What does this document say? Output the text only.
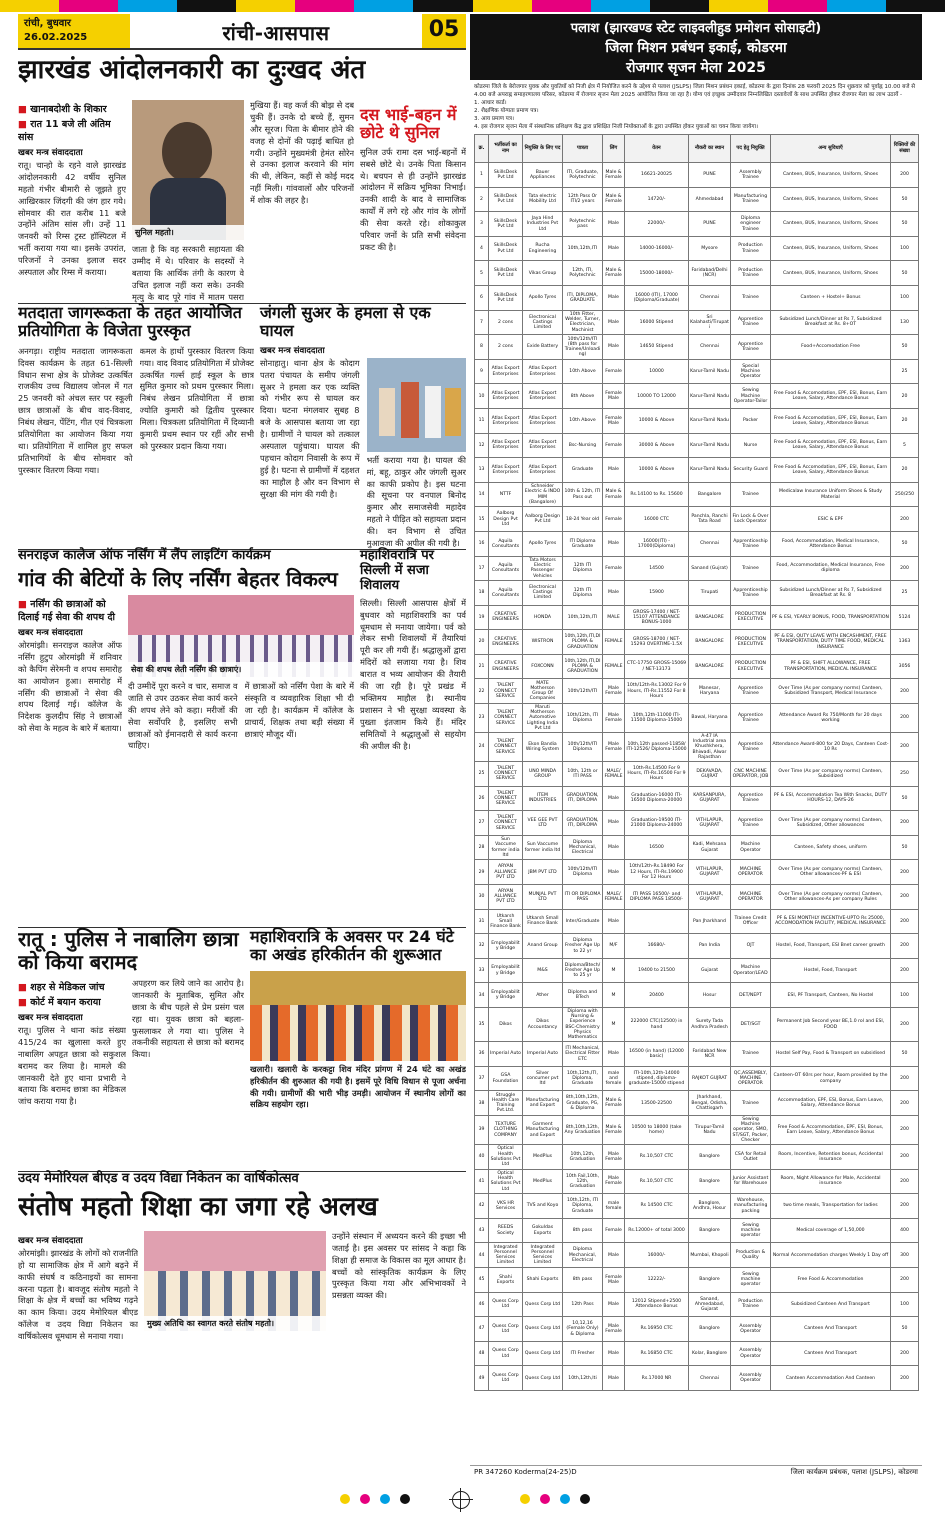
रांची, बुधवार
26.02.2025	रांची-आसपास	05
झारखंड आंदोलनकारी का दुःखद अंत
■ खानाबदोशी के शिकार
■ रात 11 बजे ली अंतिम सांस
खबर मन्त्र संवाददाता
रातू। चान्हो के रहने वाले झारखंड आंदोलनकारी 42 वर्षीय सुनिल महतो गंभीर बीमारी से जूझते हुए आखिरकार जिंदगी की जंग हार गये। सोमवार की रात करीब 11 बजे उन्होंने अंतिम सांस ली। उन्हें 11 जनवरी को रिम्स ट्रस्ट हॉस्पिटल में भर्ती कराया गया था। इसके उपरांत, परिजनों ने उनका इलाज सदर अस्पताल और रिम्स में कराया।
सुनिल महतो।
जाता है कि वह सरकारी सहायता की उम्मीद में थे। परिवार के सदस्यों ने बताया कि आर्थिक तंगी के कारण वे उचित इलाज नहीं करा सके। उनकी मृत्यु के बाद पूरे गांव में मातम पसरा
मुखिया हैं। वह कर्ज की बोझ से दब चुकी हैं। उनके दो बच्चे हैं, सुमन और सूरज। पिता के बीमार होने की वजह से दोनों की पढ़ाई बाधित हो गयी। उन्होंने मुख्यमंत्री हेमंत सोरेन से उनका इलाज करवाने की मांग की थी, लेकिन, कहीं से कोई मदद नहीं मिली। गांववालों और परिजनों में शोक की लहर है।
दस भाई-बहन में छोटे थे सुनिल
सुनिल उर्फ रामा दस भाई-बहनों में सबसे छोटे थे। उनके पिता किसान थे। बचपन से ही उन्होंने झारखंड आंदोलन में सक्रिय भूमिका निभाई। उनकी शादी के बाद वे सामाजिक कार्यों में लगे रहे और गांव के लोगों की सेवा करते रहे। शोकाकुल परिवार जनों के प्रति सभी संवेदना प्रकट की है।
मतदाता जागरूकता के तहत आयोजित प्रतियोगिता के विजेता पुरस्कृत
अनगड़ा। राष्ट्रीय मतदाता जागरूकता दिवस कार्यक्रम के तहत 61-सिल्ली विधान सभा क्षेत्र के प्रोजेक्ट उत्कर्षित राजकीय उच्च विद्यालय जोनल में गत 25 जनवरी को अंचल स्तर पर स्कूली छात्र छात्राओं के बीच वाद-विवाद, निबंध लेखन, पेंटिंग, गीत एवं चित्रकला प्रतियोगिता का आयोजन किया गया था। प्रतियोगिता में शामिल हुए सफल प्रतिभागियों के बीच सोमवार को पुरस्कार वितरण किया गया।
कमल के हाथों पुरस्कार वितरण किया गया। वाद विवाद प्रतियोगिता में प्रोजेक्ट उत्कर्षित गर्ल्स हाई स्कूल के छात्र सुमित कुमार को प्रथम पुरस्कार मिला। निबंध लेखन प्रतियोगिता में छात्रा ज्योति कुमारी को द्वितीय पुरस्कार मिला। चित्रकला प्रतियोगिता में दिव्यानी कुमारी प्रथम स्थान पर रहीं और सभी को पुरस्कार प्रदान किया गया।
जंगली सुअर के हमला से एक घायल
खबर मन्त्र संवाददाता
सोनाहातु। थाना क्षेत्र के कोदाग पतरा पंचायत के समीप जंगली सुअर ने हमला कर एक व्यक्ति को गंभीर रूप से घायल कर दिया। घटना मंगलवार सुबह 8 बजे के आसपास बताया जा रहा है। ग्रामीणों ने घायल को तत्काल अस्पताल पहुंचाया। घायल की पहचान कोदाग निवासी के रूप में हुई है। घटना से ग्रामीणों में दहशत का माहौल है और वन विभाग से सुरक्षा की मांग की गयी है।
भर्ती कराया गया है। घायल की मां, बहू, ठाकुर और जंगली सुअर का काफी प्रकोप है। इस घटना की सूचना पर वनपाल बिनोद कुमार और समाजसेवी महादेव महतो ने पीड़ित को सहायता प्रदान की। वन विभाग से उचित मुआवजा की अपील की गयी है।
सनराइज कालेज ऑफ नर्सिंग में लैंप लाइटिंग कार्यक्रम
गांव की बेटियों के लिए नर्सिंग बेहतर विकल्प
■ नर्सिंग की छात्राओं को दिलाई गई सेवा की शपथ दी
खबर मन्त्र संवाददाता
ओरमांझी। सनराइज कालेज ऑफ नर्सिंग हुटुप ओरमांझी में शनिवार को कैपिंग सेरेमनी व शपथ समारोह का आयोजन हुआ। समारोह में नर्सिंग की छात्राओं ने सेवा की शपथ दिलाई गई। कॉलेज के निदेशक कुलदीप सिंह ने छात्राओं को सेवा के महत्व के बारे में बताया।
सेवा की शपथ लेती नर्सिंग की छात्राएं।
दी उम्मीदें पूरा करने व चार, समाज व जाति से उपर उठकर सेवा कार्य करने की शपथ लेने को कहा। मरीजों की सेवा सर्वोपरि है, इसलिए सभी छात्राओं को ईमानदारी से कार्य करना चाहिए।
में छात्राओं को नर्सिंग पेशा के बारे में संस्कृति व व्यवहारिक शिक्षा भी दी जा रही है। कार्यक्रम में कॉलेज के प्राचार्य, शिक्षक तथा बड़ी संख्या में छात्राएं मौजूद थीं।
महाशिवरात्रि पर सिल्ली में सजा शिवालय
सिल्ली। सिल्ली आसपास क्षेत्रों में बुधवार को महाशिवरात्रि का पर्व धूमधाम से मनाया जायेगा। पर्व को लेकर सभी शिवालयों में तैयारियां पूरी कर ली गयी हैं। श्रद्धालुओं द्वारा मंदिरों को सजाया गया है। शिव बारात व भव्य आयोजन की तैयारी की जा रही है। पूरे प्रखंड में भक्तिमय माहौल है। स्थानीय प्रशासन ने भी सुरक्षा व्यवस्था के पुख्ता इंतजाम किये हैं। मंदिर समितियों ने श्रद्धालुओं से सहयोग की अपील की है।
रातू : पुलिस ने नाबालिग छात्रा को किया बरामद
■ शहर से मेडिकल जांच
■ कोर्ट में बयान कराया
खबर मन्त्र संवाददाता
रातू। पुलिस ने थाना कांड संख्या 415/24 का खुलासा करते हुए नाबालिग अपहृत छात्रा को सकुशल बरामद कर लिया है। मामले की जानकारी देते हुए थाना प्रभारी ने बताया कि बरामद छात्रा का मेडिकल जांच कराया गया है।
अपहरण कर लिये जाने का आरोप है। जानकारी के मुताबिक, सुमित और छात्रा के बीच पहले से प्रेम प्रसंग चल रहा था। युवक छात्रा को बहला-फुसलाकर ले गया था। पुलिस ने तकनीकी सहायता से छात्रा को बरामद किया।
महाशिवरात्रि के अवसर पर 24 घंटे का अखंड हरिकीर्तन की शुरूआत
खलारी। खलारी के करकट्टा शिव मंदिर प्रांगण में 24 घंटे का अखंड हरिकीर्तन की शुरुआत की गयी है। इसमें पूरे विधि विधान से पूजा अर्चना की गयी। ग्रामीणों की भारी भीड़ उमड़ी। आयोजन में स्थानीय लोगों का सक्रिय सहयोग रहा।
उदय मेमोरियल बीएड व उदय विद्या निकेतन का वार्षिकोत्सव
संतोष महतो शिक्षा का जगा रहे अलख
खबर मन्त्र संवाददाता
ओरमांझी। झारखंड के लोगों को राजनीति हो या सामाजिक क्षेत्र में आगे बढ़ने में काफी संघर्ष व कठिनाइयों का सामना करना पड़ता है। बावजूद संतोष महतो ने शिक्षा के क्षेत्र में बच्चों का भविष्य गढ़ने का काम किया। उदय मेमोरियल बीएड कॉलेज व उदय विद्या निकेतन का वार्षिकोत्सव धूमधाम से मनाया गया।
मुख्य अतिथि का स्वागत करते संतोष महतो।
उन्होंने संस्थान में अध्ययन करने की इच्छा भी जताई है। इस अवसर पर सांसद ने कहा कि शिक्षा ही समाज के विकास का मूल आधार है। बच्चों को सांस्कृतिक कार्यक्रम के लिए पुरस्कृत किया गया और अभिभावकों ने प्रसन्नता व्यक्त की।
पलाश (झारखण्ड स्टेट लाइवलीहुड प्रमोशन सोसाइटी)
जिला मिशन प्रबंधन इकाई, कोडरमा
रोजगार सृजन मेला 2025
कोडरमा जिले के बेरोजगार युवक और युवतियों को निजी क्षेत्र में नियोजित करने के उद्देश्य से पलाश (JSLPS) जिला मिशन प्रबंधन इकाई, कोडरमा के द्वारा दिनांक 28 फरवरी 2025 दिन शुक्रवार को पूर्वाह्न 10.00 बजे से 4.00 बजे अपराह्न समाहरणालय परिसर, कोडरमा में रोजगार सृजन मेला 2025 आयोजित किया जा रहा है। योग्य एवं इच्छुक उम्मीदवार निम्नलिखित दस्तावेजों के साथ उपस्थित होकर रोजगार मेला का लाभ उठायें -
1. आधार कार्ड।
2. शैक्षणिक योग्यता प्रमाण पत्र।
3. आय प्रमाण पत्र।
4. इस रोजगार सृजन मेला में संस्थानिक प्रशिक्षण केंद्र द्वारा प्रशिक्षित निजी नियोक्ताओं के द्वारा उपस्थित होकर युवाओं का चयन किया जायेगा।
क्र.	भर्तीकर्ता का नाम	नियुक्ति के लिए पद	पात्रता	लिंग	वेतन	नौकरी का स्थान	पद हेतु नियुक्ति	अन्य सुविधाएँ	रिक्तियों की संख्या
1	SkillsDesk Pvt Ltd	Bauer Appliances	ITI, Graduate, Polytechnic	Male & Female	16621-20025	PUNE	Assembly Trainee	Canteen, BUS, Insurance, Uniform, Shoes	200
2	SkillsDesk Pvt Ltd	Tata electric Mobility Ltd	12th Pass Or ITI/2 years	Male & Female	14720/-	Ahmedabad	Manufacturing Trainee	Canteen, BUS, Insurance, Uniform, Shoes	50
3	SkillsDesk Pvt Ltd	Jaya Hind Industries Pvt Ltd	Polytechnic pass	Male	22000/-	PUNE	Diploma engineer Trainee	Canteen, BUS, Insurance, Uniform, Shoes	50
4	SkillsDesk Pvt Ltd	Rucha Engineering	10th,12th,ITI	Male	14000-16000/-	Mysore	Production Trainee	Canteen, BUS, Insurance, Uniform, Shoes	100
5	SkillsDesk Pvt Ltd	Vikas Group	12th, ITI, Polytechnic	Male & Female	15000-18000/-	Faridabad/Delhi (NCR)	Production Trainee	Canteen, BUS, Insurance, Uniform, Shoes	50
6	SkillsDesk Pvt Ltd	Apollo Tyres	ITI, DIPLOMA, GRADUATE	Male	16000 (ITI), 17000 (Diploma/Graduate)	Chennai	Trainee	Canteen + Hostel+ Bonus	100
7	2 cons	Electronical Castings Limited	10th Fitter, Welder, Turner, Electrician, Machinist	Male	16000 Stipend	Sri Kalahasti/Tirupati	Apprentice Trainee	Subsidized Lunch/Dinner at Rs 7, Subsidized Breakfast at Rs. 8+OT	130
8	2 cons	Exide Battery	10th/12th/ITI (8th pass for Trainee/Unloading)	Male	14650 Stipend	Chennai	Apprentice Trainee	Food+Accomodation Free	50
9	Atlas Export Enterprises	Atlas Export Enterprises	10th Above	Female	10000	Karur-Tamil Nadu	Special Machine Operator		25
10	Atlas Export Enterprises	Atlas Export Enterprises	8th Above	Female Male	10000 TO 12000	Karur-Tamil Nadu	Sewing Machine Operator-Tailor	Free Food & Accomodation, EPF, ESI, Bonus, Earn Leave, Salary, Attendance Bonus	20
11	Atlas Export Enterprises	Atlas Export Enterprises	10th Above	Female Male	10000 & Above	Karur-Tamil Nadu	Packer	Free Food & Accomodation, EPF, ESI, Bonus, Earn Leave, Salary, Attendance Bonus	20
12	Atlas Export Enterprises	Atlas Export Enterprises	Bsc-Nursing	Female	30000 & Above	Karur-Tamil Nadu	Nurse	Free Food & Accomodation, EPF, ESI, Bonus, Earn Leave, Salary, Attendance Bonus	5
13	Atlas Export Enterprises	Atlas Export Enterprises	Graduate	Male	10000 & Above	Karur-Tamil Nadu	Security Guard	Free Food & Accomodation, EPF, ESI, Bonus, Earn Leave, Salary, Attendance Bonus	20
14	NTTF	Schneider Electric & INDO MIM (Bangalore)	10th & 12th, ITI Pass out	Male & Female	Rs.14100 to Rs. 15600	Bangalore	Trainee	Medicalaw Insurance Uniform Shoes & Study Material	250/250
15	Aalborg Design Pvt Ltd	Aalborg Design Pvt Ltd	18-24 Year old	Female	16000 CTC	Panchla, Ranchi Tata Road	Fin Lock & Over Lock Operator	ESIC & EPF	200
16	Aquila Consultants	Apollo Tyres	ITI Diploma Graduate	Male	16000(ITI) - 17000(Diploma)	Chennai	Apprenticeship Trainee	Food, Accommodation, Medical Insurance, Attendance Bonus	50
17	Aquila Consultants	Tata Motors Electric Passenger Vehicles	12th ITI Diploma	Female	14500	Sanand (Gujrat)	Trainee	Food, Accommodation, Medical Insurance, Free diploma	200
18	Aquila Consultants	Electronical Castings Limited	12th ITI Diploma	Male	15900	Tirupati	Apprenticeship Trainee	Subsidized Lunch/Dinner at Rs 7, Subsidized Breakfast at Rs. 8	25
19	CREATIVE ENGINEERS	HONDA	10th,12th,ITI	MALE	GROSS-17400 / NET-15107 ATTENDANCE BONUS-1000	BANGALORE	PRODUCTION EXECUTIVE	PF & ESI, YEARLY BONUS, FOOD, TRANSPORTATION	5124
20	CREATIVE ENGINEERS	WISTRON	10th,12th,ITI,DIPLOMA & GRADUATION	FEMALE	GROSS-18700 / NET-15293 OVERTIME-1.5X	BANGALORE	PRODUCTION EXECUTIVE	PF & ESI, QUTY LEAVE WITH ENCASHMENT, FREE TRANSPORTATION, DUTY TIME FOOD, MEDICAL INSURANCE	1363
21	CREATIVE ENGINEERS	FOXCONN	10th,12th,ITI,DIPLOMA & GRADUATION	FEMALE	CTC-17750 GROSS-15069 / NET-13173	BANGALORE	PRODUCTION EXECUTIVE	PF & ESI, SHIFT ALLOWANCE, FREE TRANSPORTATION, MEDICAL INSURANCE	3056
22	TALENT CONNECT SERVICE	MATE Motherson Group Of Companies	10th/12th/ITI	Male Female	10th/12th-Rs.13002 For 9 Hours, ITI-Rs.11552 For 8 Hours	Manesar, Haryana	Apprentice Trainee	Over Time (As per company norms) Canteen, Subsidized Transport, Medical Insurance	200
23	TALENT CONNECT SERVICE	Maruti Motherson Automotive Lighting India Pvt Ltd	10th/12th, ITI Diploma	Male Female	10th,12th-11000 ITI-11500 Diploma-15000	Bawal, Haryana	Apprentice Trainee	Attendance Award Rs 750/Month for 20 days working	200
24	TALENT CONNECT SERVICE	Ekon Bandia Wiring System	10th/12th/ITI Diploma	Male Female	10th,12th passed-11858/ ITI-12526/ Diploma-15000	A-47 IA Industrial area Khushkhera, Bhiwadi, Alwar Rajasthan	Apprentice Trainee	Attendance Award-800 for 20 Days, Canteen Cost-10 Rs	200
25	TALENT CONNECT SERVICE	UNO MINDA GROUP	10th, 12th or ITI PASS	MALE/ FEMALE	10th-Rs.14500 For 9 Hours, ITI-Rs.16500 For 9 Hours	DEKAVADA, GUJRAT	CNC MACHINE OPERATOR, JOB	Over Time (As per company norms) Canteen, Subsidized	250
26	TALENT CONNECT SERVICE	ITEM INDUSTRIES	GRADUATION, ITI, DIPLOMA	Male	Graduation-16000 ITI-16500 Diploma-20000	KARSANPURA, GUJARAT	Apprentice Trainee	PF & ESI, Accommodation Tea With Snacks, DUTY HOURS-12, DAYS-26	50
27	TALENT CONNECT SERVICE	VEE GEE PVT LTD	GRADUATION, ITI, DIPLOMA	Male	Graduation-19500 ITI-21000 Diploma-24000	VITHLAPUR, GUJARAT	Apprentice Trainee	Over Time (As per company norms) Canteen, Subsidized, Other allowances	200
28	Sun Vaccume former india ltd	Sun Vaccume former india ltd	Diploma Mechanical, Electrical	Male	16500	Kadi, Mehsana Gujarat	Machine Operator	Canteen, Safety shoes, uniform	50
29	ARYAN ALLIANCE PVT LTD	JBM PVT LTD	10th/12th/ITI Diploma	Male	10th/12th-Rs.18490 For 12 Hours, ITI-Rs.19900 For 12 Hours	VITHLAPUR, GUJARAT	MACHINE OPERATOR	Over Time (As per company norms) Canteen, Other allowances-PF & ESI	200
30	ARYAN ALLIANCE PVT LTD	MUNJAL PVT LTD	ITI OR DIPLOMA PASS	MALE/ FEMALE	ITI PASS 16500/- and DIPLOMA PASS 18500/-	VITHLAPUR, GUJARAT	MACHINE OPERATOR	Over Time (As per company norms) Canteen, Other allowances-As per company Rules	200
31	Utkarsh Small Finance Bank	Utkarsh Small Finance Bank	Inter/Graduate	Male		Pan Jharkhand	Trainee Credit Officer	PF & ESI MONTHLY INCENTIVE-UPTO Rs 25000, ACCOMODATION FACILITY, MEDICAL INSURANCE	200
32	Employability Bridge	Anand Group	Diploma Fresher Age Up to 22 yr	M/F	16680/-	Pan India	OJT	Hostel, Food, Transport, ESI Bnet career growth	200
33	Employability Bridge	M&S	Diploma/Btech/Fresher Age Up to 25 yr	M	19400 to 21500	Gujarat	Machine Operator/LEAD	Hostel, Food, Transport	200
34	Employability Bridge	Ather	Diploma and BTech	M	20400	Hosur	DET/NEPT	ESI, PF Transport, Canteen, No Hostel	100
35	Dikos	Dikos Accountancy	Diploma with Nursing & Experience BSC-Chemistry Physics Mathematics	M	222000 CTC(12500) in hand	Surety Tada Andhra Pradesh	DET/SGT	Permanent Job Second year BE,1.0 rol and ESI, FOOD	200
36	Imperial Auto	Imperial Auto	ITI Mechanical, Electrical Fitter ETC	Male	16500 (in hand) (12000 basic)	Faridabad New NCR	Trainee	Hostel Self Pay, Food & Transport on subsidised	50
37	GSA Foundation	Silver concumer pvt ltd	10th,12th,ITI, Diploma, Graduate	male and female	ITI-10th,12th-14000 stipend, diploma-graduate-15000 stipend	RAJKOT GUJRAT	QC,ASSEMBLY, MACHINE OPERATOR	Canteen-OT 60rs per hour, Room provided by the company	200
38	Struggle Health Care Training Pvt.Ltd.	Manufacturing and Export	8th,10th,12th, Graduate, PG, & Diploma	Male & Female	13500-22500	Jharkhand, Bengal, Odisha, Chattisgarh	Trainee	Accommodation, EPF, ESI, Bonus, Earn Leave, Salary, Attendance Bonus	200
39	TEXTURE CLOTHING COMPANY	Garment Manufacturing and Export	8th,10th,12th, Any Graduation	Male & Female	10500 to 18000 (take home)	Tirupur-Tamil Nadu	Sewing Machine operator, SMO, ST/SGT, Packer, Checker	Free Food & Accommodation, EPF, ESI, Bonus, Earn Leave, Salary, Attendance Bonus	200
40	Optical Health Solutions Pvt Ltd	MedPlus	10th,12th, Graduation	Male Female	Rs.10,507 CTC	Banglore	CSA for Retail Outlet	Room, Incentive, Retention bonus, Accidental insurance	200
41	Optical Health Solutions Pvt Ltd	MedPlus	10th Fail,10th, 12th, Graduation	Male Female	Rs.10,507 CTC	Banglore	Junior Assistant for Warehouse	Room, Night Allowance for Male, Accidental insurance	200
42	VKS HR Services	TVS and Koyo	10th,12th, ITI Diploma, Graduate	male female	Rs 14500 CTC	Banglore, Andhra, Hosur	Warehouse, manufacturing packing	two time meals, Transportation for ladies	200
43	REEDS Society	Gokuldas Exports	8th pass	Female	Rs.12000+ of total 3000	Banglore	Sewing machine operator	Medical coverage of 1,50,000	400
44	Integrated Personnel Services Limited	Integrated Personnel Services Limited	Diploma Mechanical, Electrical	Male	16000/-	Mumbai, Khopoli	Production & Quality	Normal Accommodation charges Weekly 1 Day off	300
45	Shahi Exports	Shahi Exports	8th pass	Female Male	12222/-	Banglore	Sewing machine operator	Free Food & Accommodation	200
46	Quess Corp Ltd	Quess Corp Ltd	12th Pass	Male	12012 Stipend+2500 Attendance Bonus	Sanand, Ahmedabad, Gujarat	Production Trainee	Subsidized Canteen And Transport	100
47	Quess Corp Ltd	Quess Corp Ltd	10,12,16 (Female Only) & Diploma	Male Female	Rs.16950 CTC	Banglore	Assembly Operator	Canteen And Transport	50
48	Quess Corp Ltd	Quess Corp Ltd	ITI Fresher	Male	Rs.16850 CTC	Kolar, Banglore	Assembly Operator	Canteen And Transport	200
49	Quess Corp Ltd	Quess Corp Ltd	10th,12th,Iti	Male	Rs.17000 NR	Chennai	Assembly Operator	Canteen Accommodation And Canteen	200
PR 347260 Koderma(24-25)D	जिला कार्यक्रम प्रबंधक, पलाश (JSLPS), कोडरमा
